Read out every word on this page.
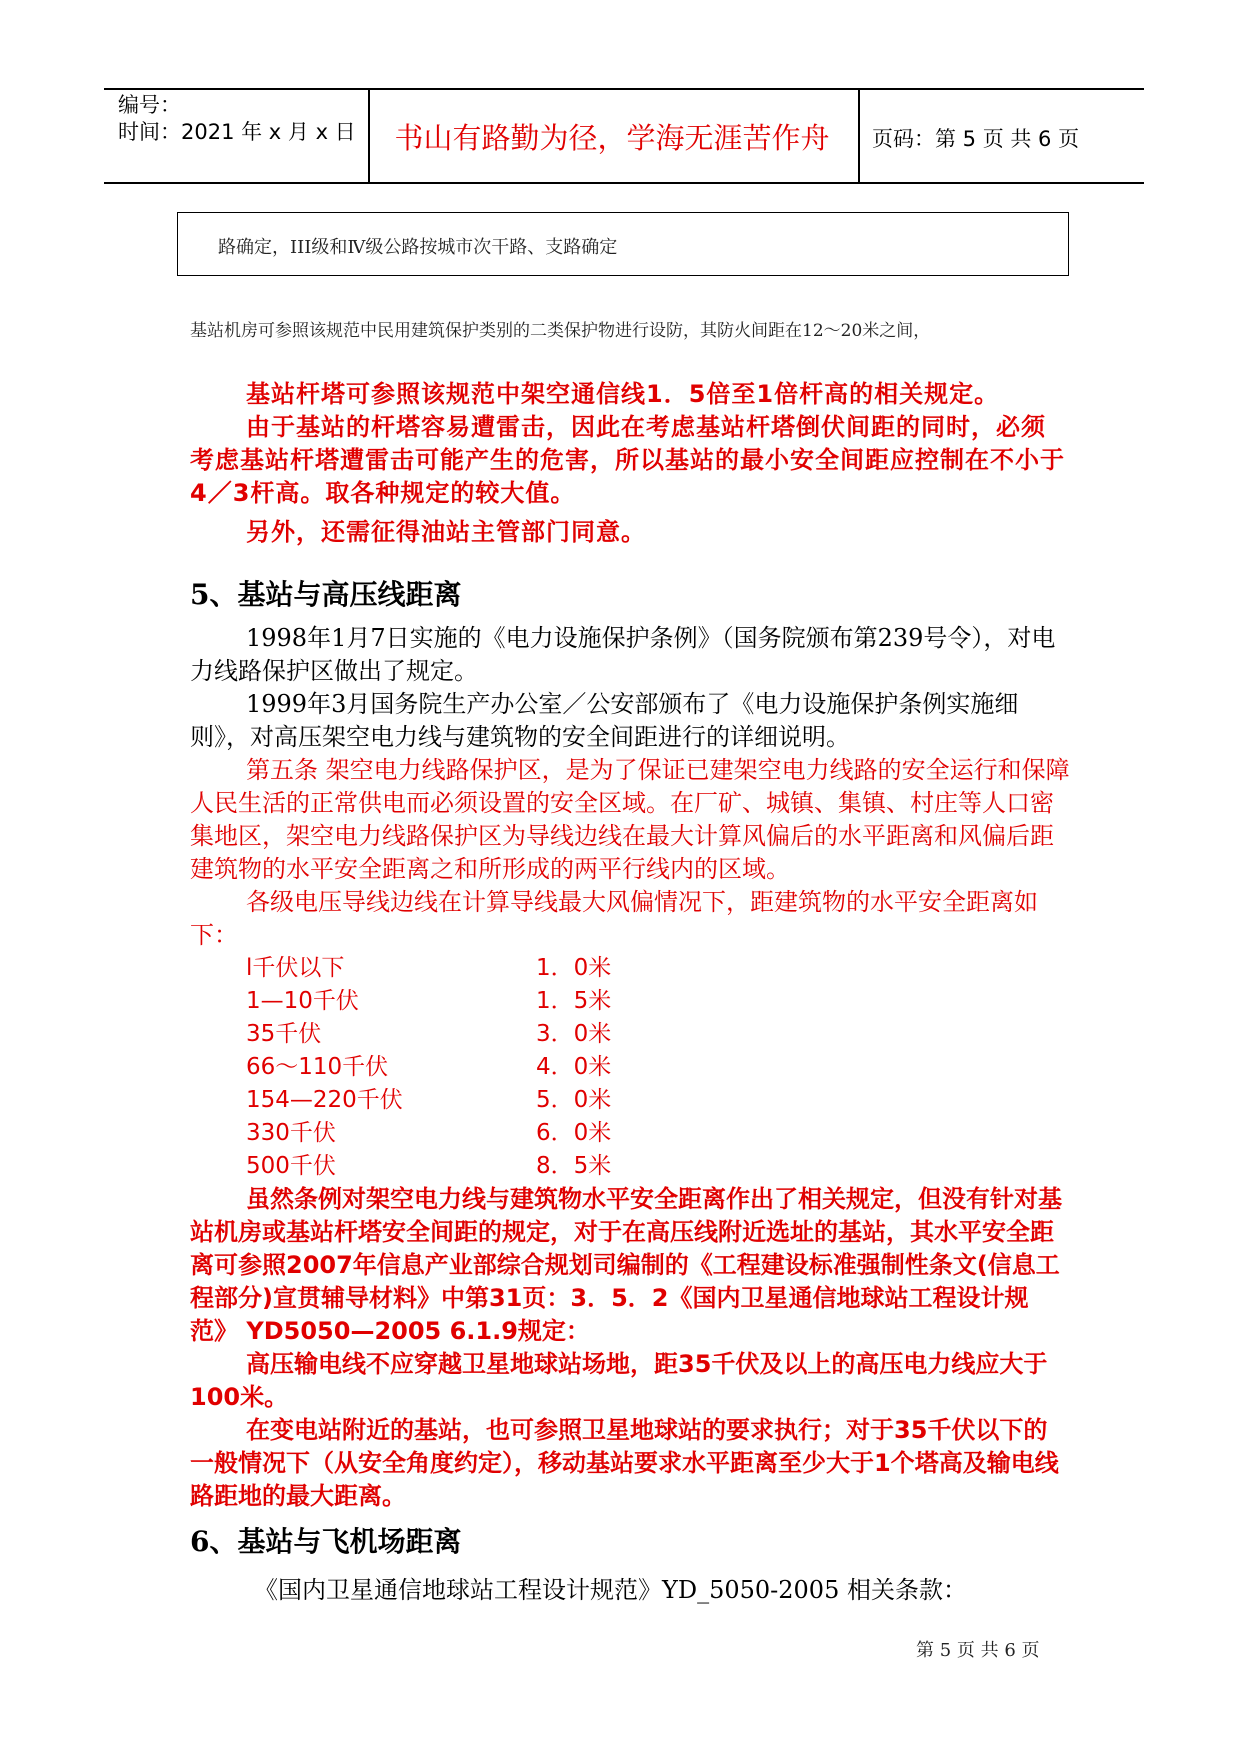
编号：
时间：2021 年 x 月 x 日	书山有路勤为径，学海无涯苦作舟	页码：第 5 页 共 6 页
路确定，III级和Ⅳ级公路按城市次干路、支路确定
基站机房可参照该规范中民用建筑保护类别的二类保护物进行设防，其防火间距在12～20米之间，
基站杆塔可参照该规范中架空通信线1．5倍至1倍杆高的相关规定。
由于基站的杆塔容易遭雷击，因此在考虑基站杆塔倒伏间距的同时，必须考虑基站杆塔遭雷击可能产生的危害，所以基站的最小安全间距应控制在不小于4／3杆高。取各种规定的较大值。
另外，还需征得油站主管部门同意。
5、基站与高压线距离
1998年1月7日实施的《电力设施保护条例》（国务院颁布第239号令），对电力线路保护区做出了规定。
1999年3月国务院生产办公室／公安部颁布了《电力设施保护条例实施细则》，对高压架空电力线与建筑物的安全间距进行的详细说明。
第五条 架空电力线路保护区，是为了保证已建架空电力线路的安全运行和保障人民生活的正常供电而必须设置的安全区域。在厂矿、城镇、集镇、村庄等人口密集地区，架空电力线路保护区为导线边线在最大计算风偏后的水平距离和风偏后距建筑物的水平安全距离之和所形成的两平行线内的区域。
各级电压导线边线在计算导线最大风偏情况下，距建筑物的水平安全距离如下：
l千伏以下	1．0米
1—10千伏	1．5米
35千伏	3．0米
66～110千伏	4．0米
154—220千伏	5．0米
330千伏	6．0米
500千伏	8．5米
虽然条例对架空电力线与建筑物水平安全距离作出了相关规定，但没有针对基站机房或基站杆塔安全间距的规定，对于在高压线附近选址的基站，其水平安全距离可参照2007年信息产业部综合规划司编制的《工程建设标准强制性条文(信息工程部分)宣贯辅导材料》中第31页：3．5．2《国内卫星通信地球站工程设计规范》 YD5050—2005 6.1.9规定：
高压输电线不应穿越卫星地球站场地，距35千伏及以上的高压电力线应大于100米。
在变电站附近的基站，也可参照卫星地球站的要求执行；对于35千伏以下的一般情况下（从安全角度约定），移动基站要求水平距离至少大于1个塔高及输电线路距地的最大距离。
6、基站与飞机场距离
《国内卫星通信地球站工程设计规范》YD_5050-2005 相关条款：
第 5 页 共 6 页
